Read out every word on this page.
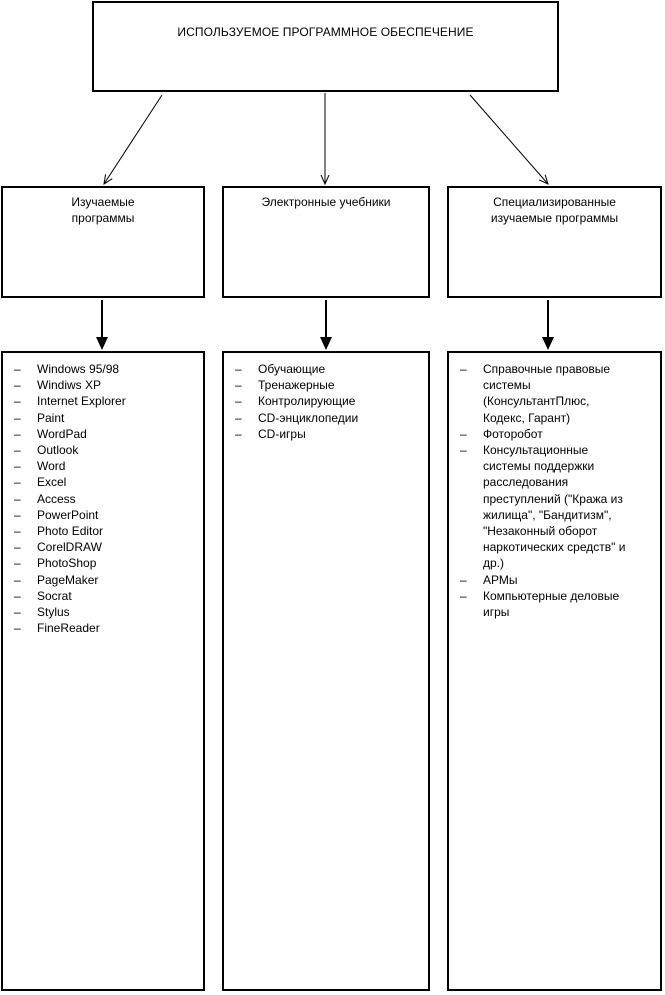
ИСПОЛЬЗУЕМОЕ ПРОГРАММНОЕ ОБЕСПЕЧЕНИЕ
Изучаемые
программы
Электронные учебники	Специализированные
изучаемые программы
– Windows 95/98
– Windiws XP
– Internet Explorer
– Paint
– WordPad
– Outlook
– Word
– Excel
– Access
– PowerPoint
– Photo Editor
– CorelDRAW
– PhotoShop
– PageMaker
– Socrat
– Stylus
– FineReader
– Обучающие
– Тренажерные
– Контролирующие
– CD-энциклопедии
– CD-игры
– Справочные правовые
системы
(КонсультантПлюс,
Кодекс, Гарант)
– Фоторобот
– Консультационные
системы поддержки
расследования
преступлений ("Кража из
жилища", "Бандитизм",
"Незаконный оборот
наркотических средств" и
др.)
– АРМы
– Компьютерные деловые
игры
